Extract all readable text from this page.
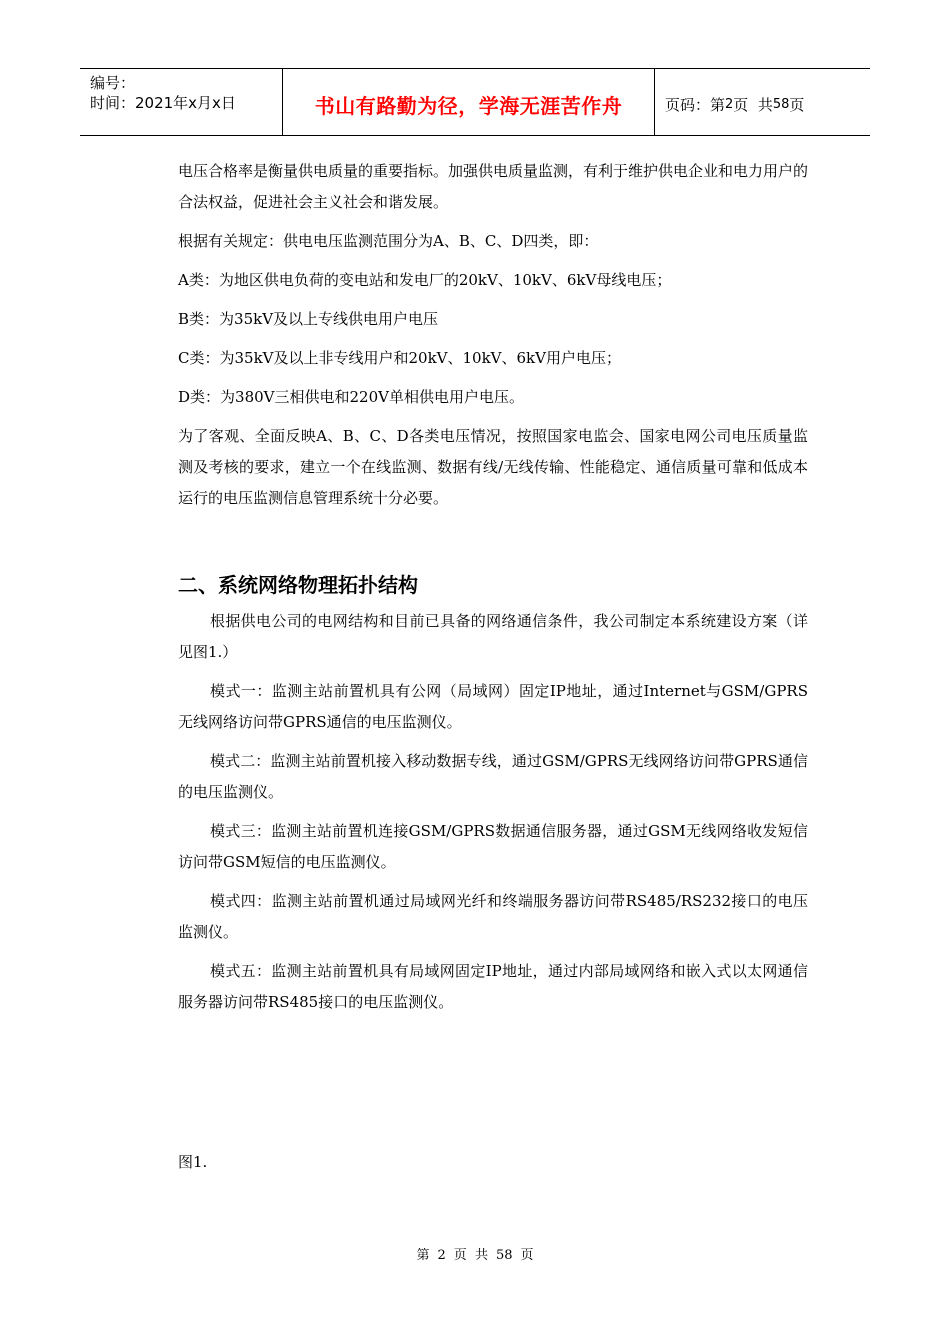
编号：
时间：2021年x月x日	书山有路勤为径，学海无涯苦作舟	页码：第 2 页  共 58 页

电压合格率是衡量供电质量的重要指标。加强供电质量监测，有利于维护供电企业和电力用户的合法权益，促进社会主义社会和谐发展。

根据有关规定：供电电压监测范围分为A、B、C、D四类，即：

A类：为地区供电负荷的变电站和发电厂的20kV、10kV、6kV母线电压；

B类：为35kV及以上专线供电用户电压

C类：为35kV及以上非专线用户和20kV、10kV、6kV用户电压；

D类：为380V三相供电和220V单相供电用户电压。

为了客观、全面反映A、B、C、D各类电压情况，按照国家电监会、国家电网公司电压质量监测及考核的要求，建立一个在线监测、数据有线/无线传输、性能稳定、通信质量可靠和低成本运行的电压监测信息管理系统十分必要。

二、系统网络物理拓扑结构

根据供电公司的电网结构和目前已具备的网络通信条件，我公司制定本系统建设方案（详见图1.）

模式一：监测主站前置机具有公网（局域网）固定IP地址，通过Internet与GSM/GPRS无线网络访问带GPRS通信的电压监测仪。

模式二：监测主站前置机接入移动数据专线，通过GSM/GPRS无线网络访问带GPRS通信的电压监测仪。

模式三：监测主站前置机连接GSM/GPRS数据通信服务器，通过GSM无线网络收发短信访问带GSM短信的电压监测仪。

模式四：监测主站前置机通过局域网光纤和终端服务器访问带RS485/RS232接口的电压监测仪。

模式五：监测主站前置机具有局域网固定IP地址，通过内部局域网络和嵌入式以太网通信服务器访问带RS485接口的电压监测仪。

图1.
第 2 页  共 58 页
